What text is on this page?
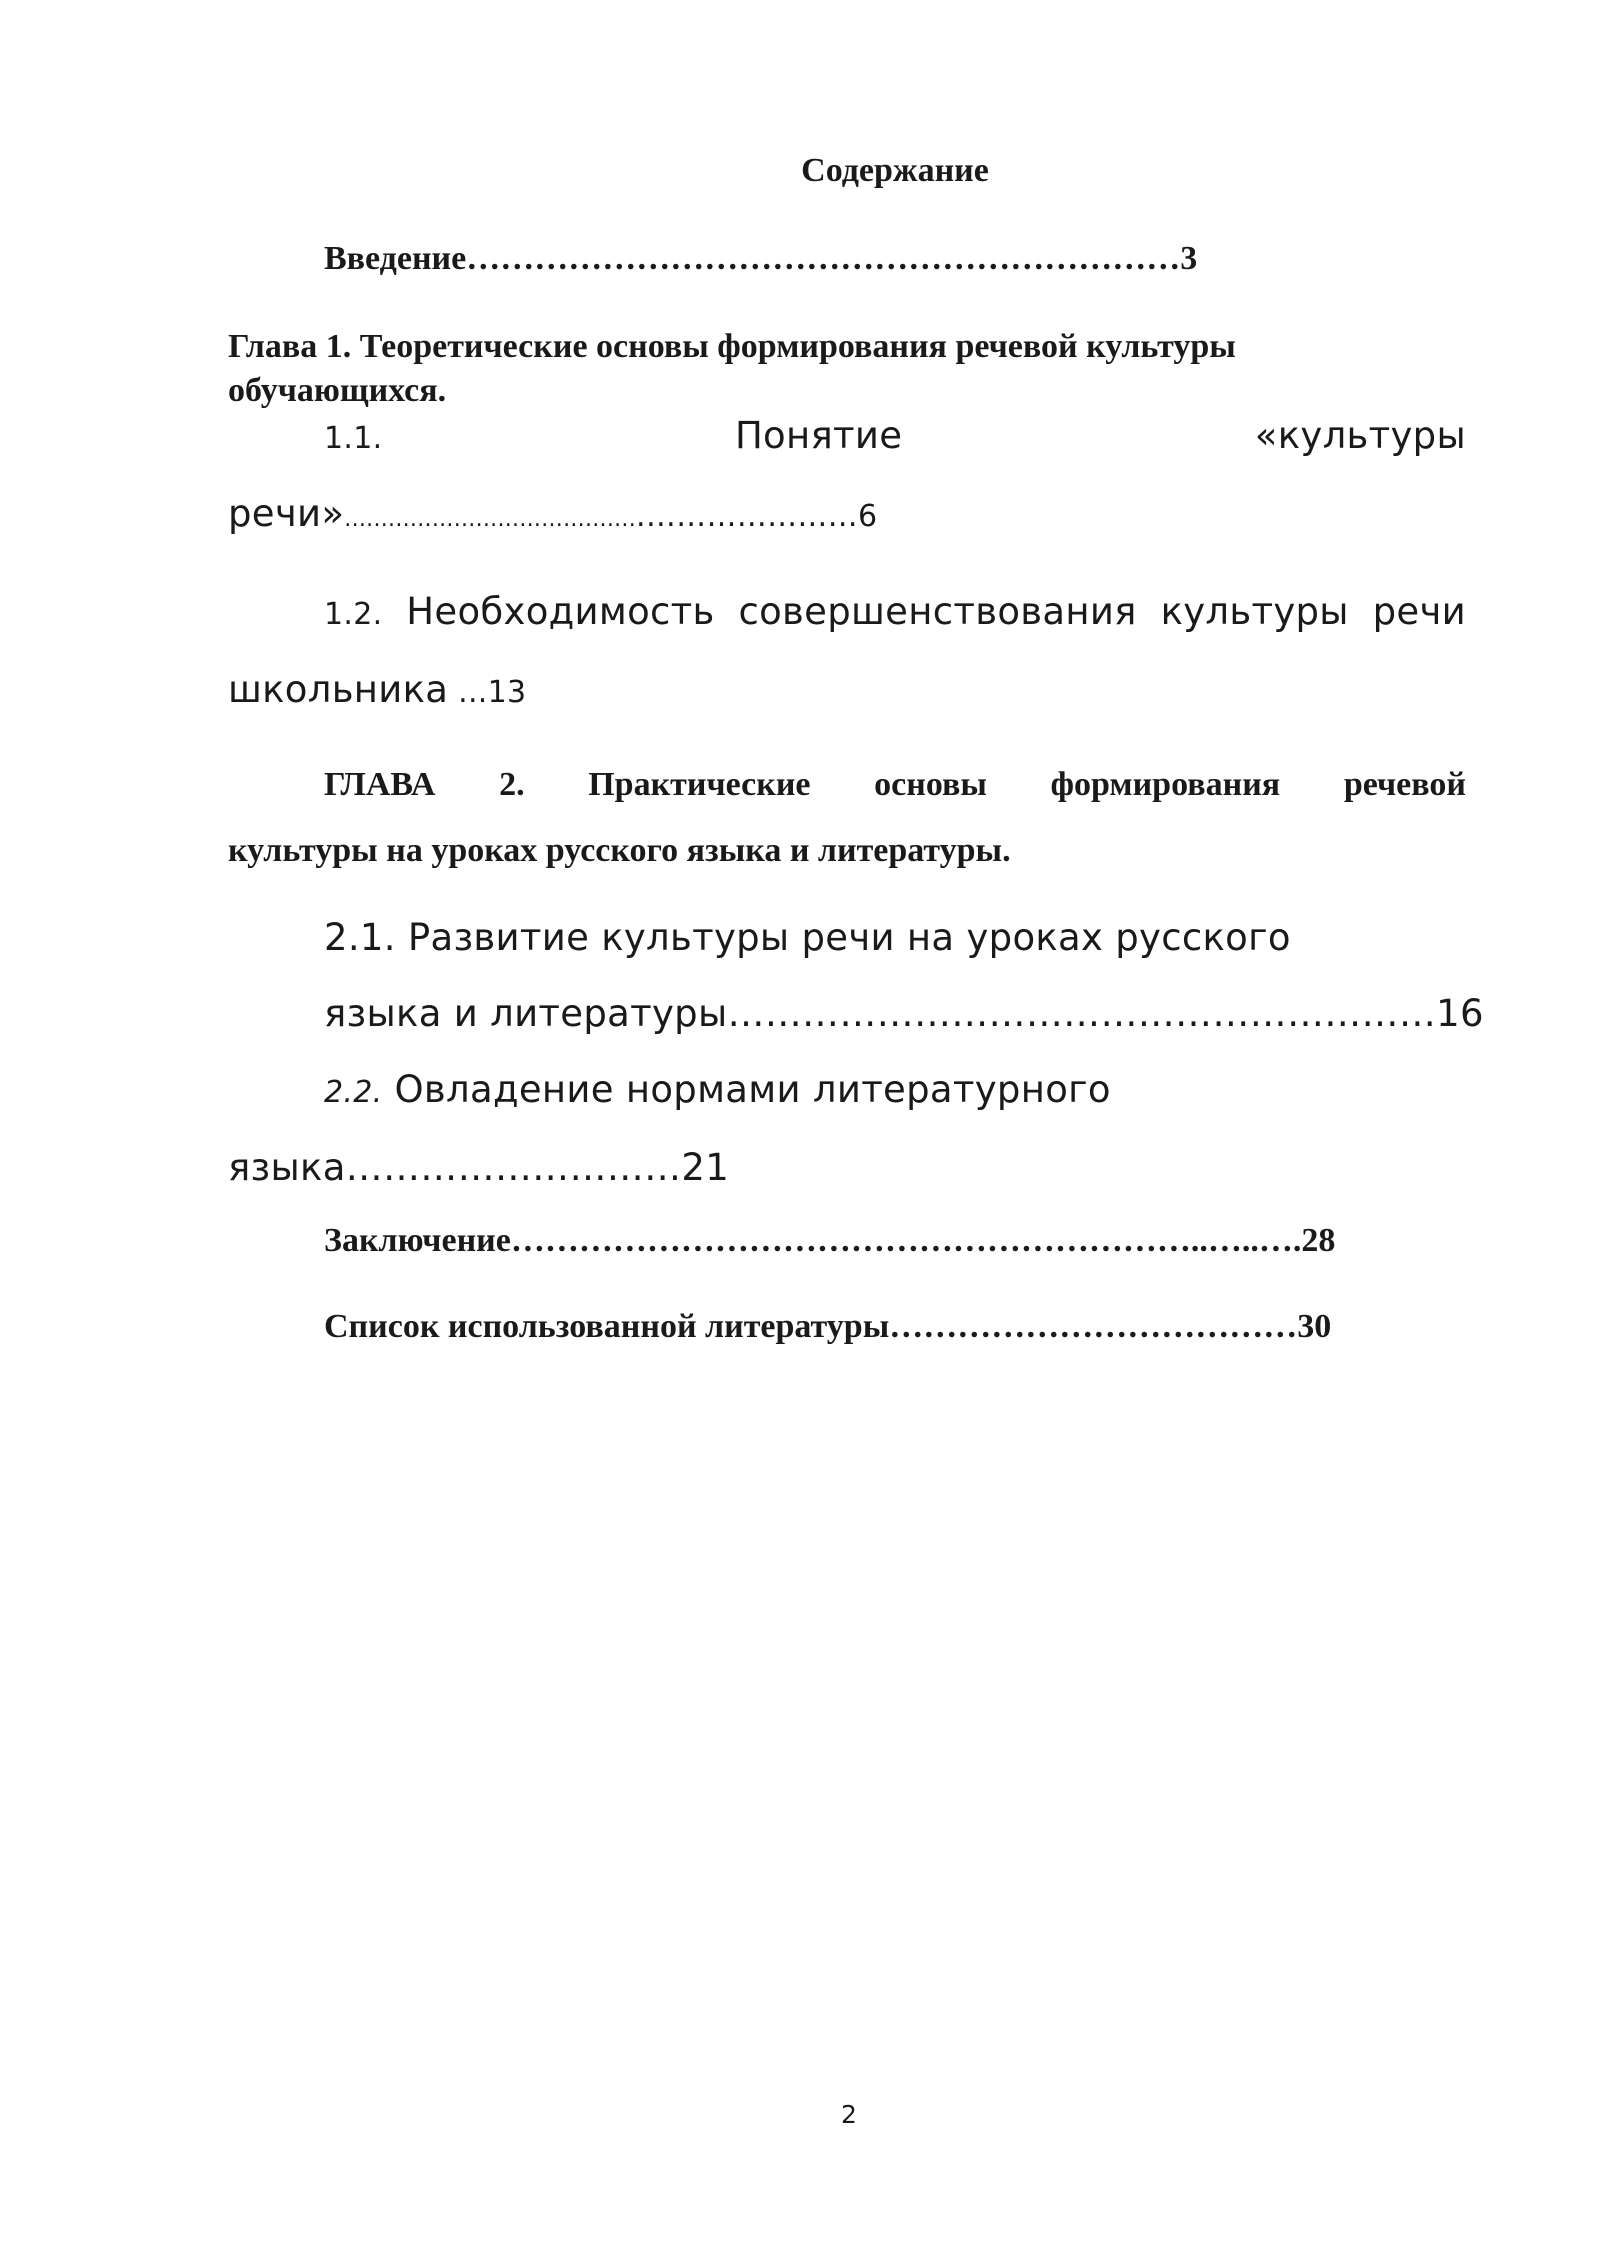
Содержание
Введение………………………………………………………3
Глава 1. Теоретические основы формирования речевой культуры
обучающихся.
1.1.	Понятие	«культуры
речи».........................................…………………6
1.2. Необходимость совершенствования культуры речи
школьника ...13
ГЛАВА 2. Практические основы формирования речевой
культуры на уроках русского языка и литературы.
2.1. Развитие культуры речи на уроках русского
языка и литературы…………………………………………………16
2.2. Овладение нормами литературного
языка………………………21
Заключение……………………………………………………..…..….28
Список использованной литературы………………………………30
2
